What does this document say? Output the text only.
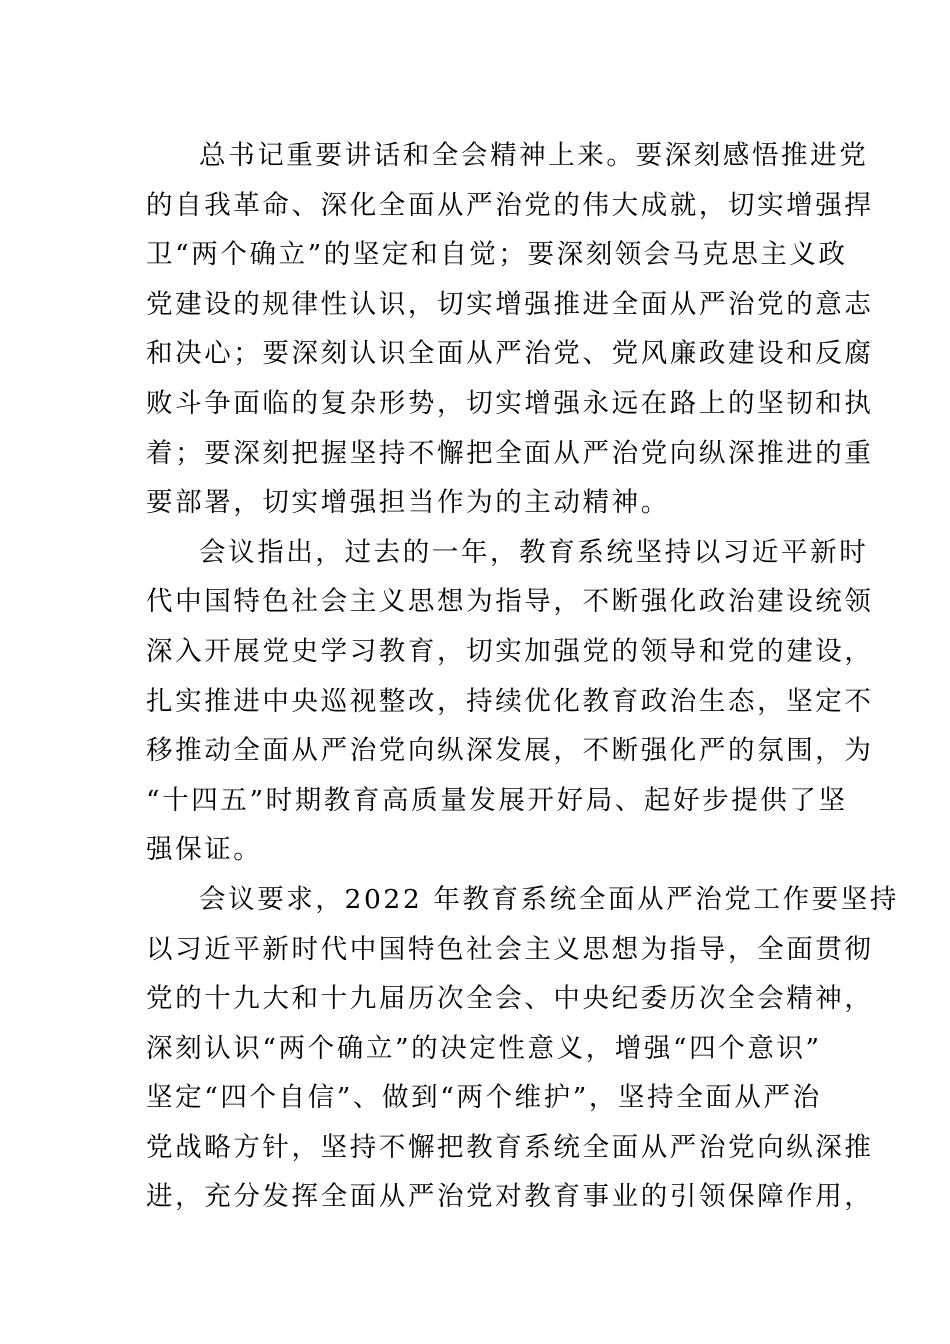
总书记重要讲话和全会精神上来。要深刻感悟推进党
的自我革命、深化全面从严治党的伟大成就，切实增强捍
卫“两个确立”的坚定和自觉；要深刻领会马克思主义政
党建设的规律性认识，切实增强推进全面从严治党的意志
和决心；要深刻认识全面从严治党、党风廉政建设和反腐
败斗争面临的复杂形势，切实增强永远在路上的坚韧和执
着；要深刻把握坚持不懈把全面从严治党向纵深推进的重
要部署，切实增强担当作为的主动精神。
会议指出，过去的一年，教育系统坚持以习近平新时
代中国特色社会主义思想为指导，不断强化政治建设统领
深入开展党史学习教育，切实加强党的领导和党的建设，
扎实推进中央巡视整改，持续优化教育政治生态，坚定不
移推动全面从严治党向纵深发展，不断强化严的氛围，为
“十四五”时期教育高质量发展开好局、起好步提供了坚
强保证。
会议要求，2022 年教育系统全面从严治党工作要坚持
以习近平新时代中国特色社会主义思想为指导，全面贯彻
党的十九大和十九届历次全会、中央纪委历次全会精神，
深刻认识“两个确立”的决定性意义，增强“四个意识”
坚定“四个自信”、做到“两个维护”，坚持全面从严治
党战略方针，坚持不懈把教育系统全面从严治党向纵深推
进，充分发挥全面从严治党对教育事业的引领保障作用，
